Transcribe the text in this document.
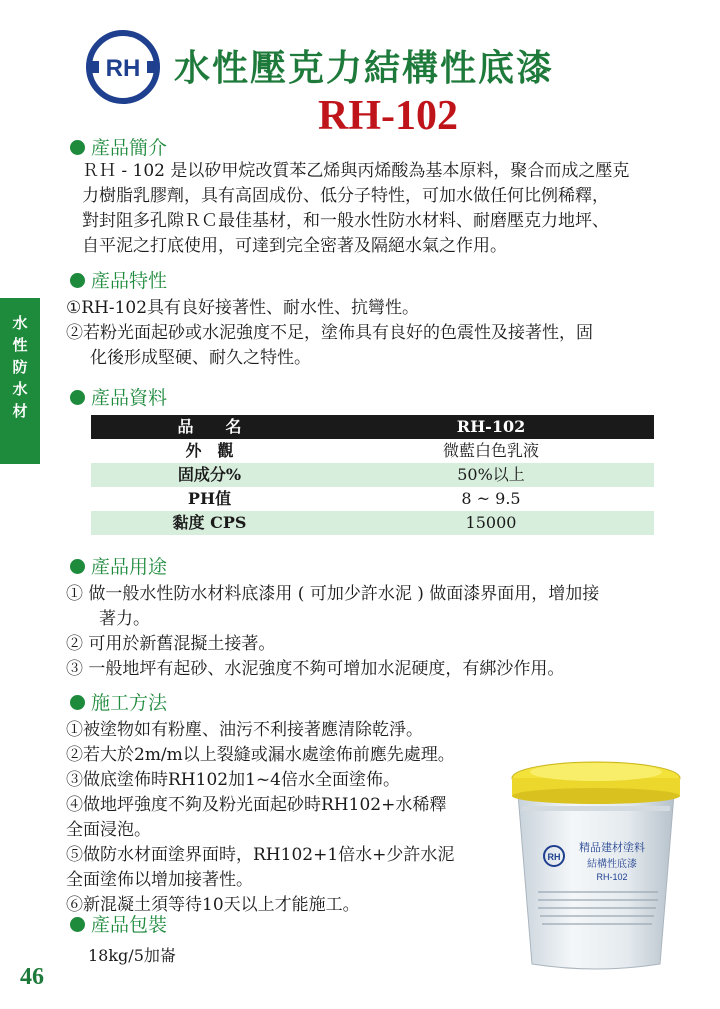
RH 水性壓克力結構性底漆
RH-102
水
性
防
水
材
產品簡介

ＲＨ - 102 是以矽甲烷改質苯乙烯與丙烯酸為基本原料，聚合而成之壓克

力樹脂乳膠劑，具有高固成份、低分子特性，可加水做任何比例稀釋，

對封阻多孔隙ＲＣ最佳基材，和一般水性防水材料、耐磨壓克力地坪、

自平泥之打底使用，可達到完全密著及隔絕水氣之作用。

產品特性

①RH-102具有良好接著性、耐水性、抗彎性。

②若粉光面起砂或水泥強度不足，塗佈具有良好的色震性及接著性，固

化後形成堅硬、耐久之特性。

產品資料
品　　名	RH-102
外　觀	微藍白色乳液
固成分%	50%以上
PH值	8 ~ 9.5
黏度 CPS	15000
產品用途

① 做一般水性防水材料底漆用 ( 可加少許水泥 ) 做面漆界面用，增加接

著力。

② 可用於新舊混擬土接著。

③ 一般地坪有起砂、水泥強度不夠可增加水泥硬度，有綁沙作用。

施工方法

①被塗物如有粉塵、油污不利接著應清除乾淨。

②若大於2m/m以上裂縫或漏水處塗佈前應先處理。

③做底塗佈時RH102加1~4倍水全面塗佈。

④做地坪強度不夠及粉光面起砂時RH102+水稀釋

全面浸泡。

⑤做防水材面塗界面時，RH102+1倍水+少許水泥

全面塗佈以增加接著性。

⑥新混凝土須等待10天以上才能施工。

產品包裝
18kg/5加崙
RH
精品建材塗料
結構性底漆
RH-102
46
